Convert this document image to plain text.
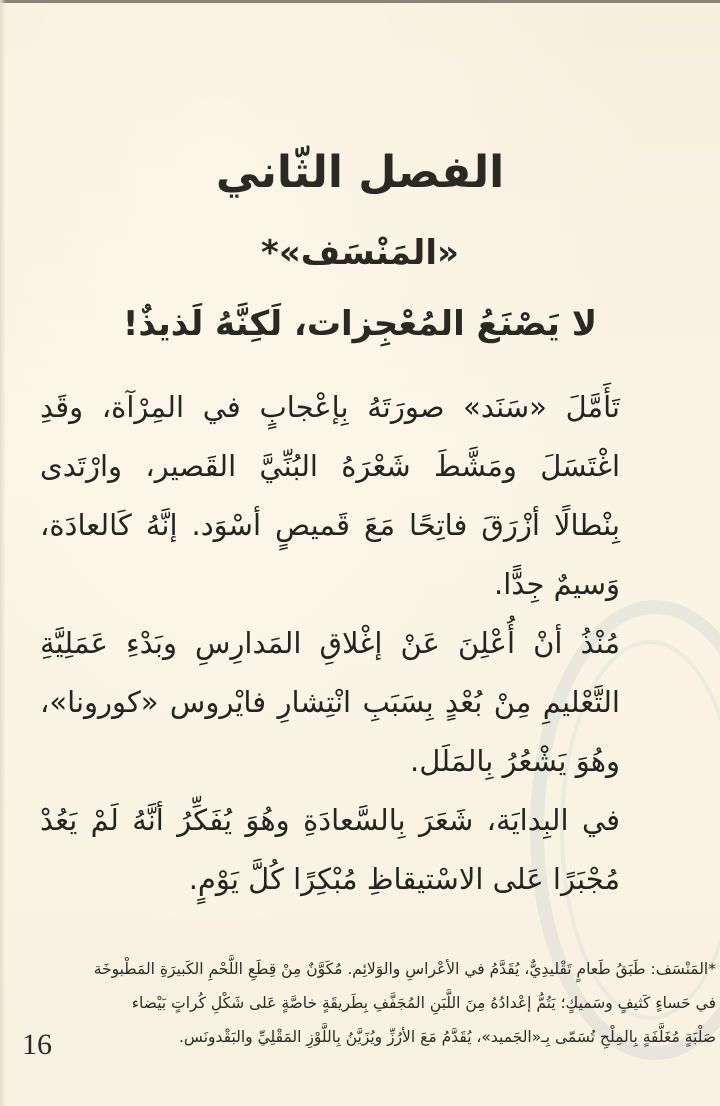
الفصل الثّاني
«المَنْسَف»*
لا يَصْنَعُ المُعْجِزات، لَكِنَّهُ لَذيذٌ!

تَأَمَّلَ «سَنَد» صورَتَهُ بِإعْجابٍ في المِرْآة، وقَدِ اغْتَسَلَ ومَشَّطَ شَعْرَهُ البُنِّيَّ القَصير، وارْتَدى بِنْطالًا أزْرَقَ فاتِحًا مَعَ قَميصٍ أسْوَد. إنَّهُ كَالعادَة، وَسيمٌ جِدًّا.

مُنْذُ أنْ أُعْلِنَ عَنْ إغْلاقِ المَدارِسِ وبَدْءِ عَمَلِيَّةِ التَّعْليمِ مِنْ بُعْدٍ بِسَبَبِ انْتِشارِ فايْروس «كورونا»، وهُوَ يَشْعُرُ بِالمَلَل.

في البِدايَة، شَعَرَ بِالسَّعادَةِ وهُوَ يُفَكِّرُ أنَّهُ لَمْ يَعُدْ مُجْبَرًا عَلى الاسْتيقاظِ مُبْكِرًا كُلَّ يَوْمٍ.

*المَنْسَف: طَبَقُ طَعامٍ تَقْليدِيٌّ، يُقَدَّمُ في الأعْراسِ والوَلائِم. مُكَوَّنٌ مِنْ قِطَعِ اللَّحْمِ الكَبيرَةِ المَطْبوخَة
في حَساءٍ كَثيفٍ وسَميكٍ؛ يَتُمُّ إعْدادُهُ مِنَ اللَّبَنِ المُجَفَّفِ بِطَريقَةٍ خاصَّةٍ عَلى شَكْلِ كُراتٍ بَيْضاء
صَلْبَةٍ مُغَلَّفَةٍ بِالمِلْحِ تُسَمّى بِـ«الجَميد»، يُقَدَّمُ مَعَ الأرُزِّ ويُزَيَّنُ بِاللَّوْزِ المَقْلِيِّ والبَقْدونَس.
16
